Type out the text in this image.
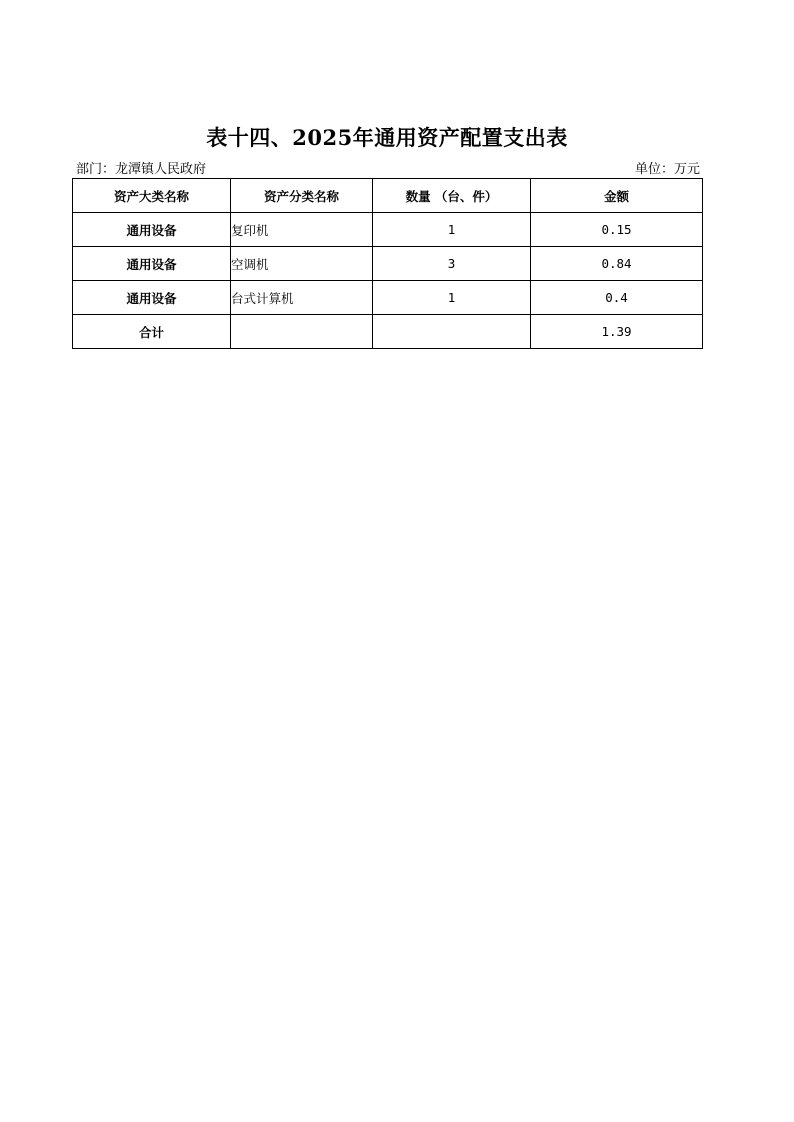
表十四、2025年通用资产配置支出表
部门：龙潭镇人民政府	单位：万元
资产大类名称	资产分类名称	数量 （台、件）	金额
通用设备	复印机	1	0.15
通用设备	空调机	3	0.84
通用设备	台式计算机	1	0.4
合计			1.39
